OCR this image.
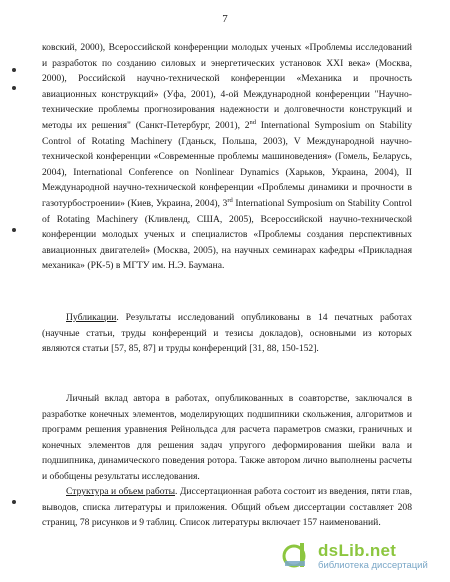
7
ковский, 2000), Всероссийской конференции молодых ученых «Проблемы исследований и разработок по созданию силовых и энергетических установок XXI века» (Москва, 2000), Российской научно-технической конференции «Механика и прочность авиационных конструкций» (Уфа, 2001), 4-ой Международной конференции "Научно-технические проблемы прогнозирования надежности и долговечности конструкций и методы их решения" (Санкт-Петербург, 2001), 2nd International Symposium on Stability Control of Rotating Machinery (Гданьск, Польша, 2003), V Международной научно-технической конференции «Современные проблемы машиноведения» (Гомель, Беларусь, 2004), International Conference on Nonlinear Dynamics (Харьков, Украина, 2004), II Международной научно-технической конференции «Проблемы динамики и прочности в газотурбостроении» (Киев, Украина, 2004), 3rd International Symposium on Stability Control of Rotating Machinery (Кливленд, США, 2005), Всероссийской научно-технической конференции молодых ученых и специалистов «Проблемы создания перспективных авиационных двигателей» (Москва, 2005), на научных семинарах кафедры «Прикладная механика» (РК-5) в МГТУ им. Н.Э. Баумана.
Публикации. Результаты исследований опубликованы в 14 печатных работах (научные статьи, труды конференций и тезисы докладов), основными из которых являются статьи [57, 85, 87] и труды конференций [31, 88, 150-152].
Личный вклад автора в работах, опубликованных в соавторстве, заключался в разработке конечных элементов, моделирующих подшипники скольжения, алгоритмов и программ решения уравнения Рейнольдса для расчета параметров смазки, граничных и конечных элементов для решения задач упругого деформирования шейки вала и подшипника, динамического поведения ротора. Также автором лично выполнены расчеты и обобщены результаты исследования.
Структура и объем работы. Диссертационная работа состоит из введения, пяти глав, выводов, списка литературы и приложения. Общий объем диссертации составляет 208 страниц, 78 рисунков и 9 таблиц. Список литературы включает 157 наименований.
dsLib.net
библиотека диссертаций
